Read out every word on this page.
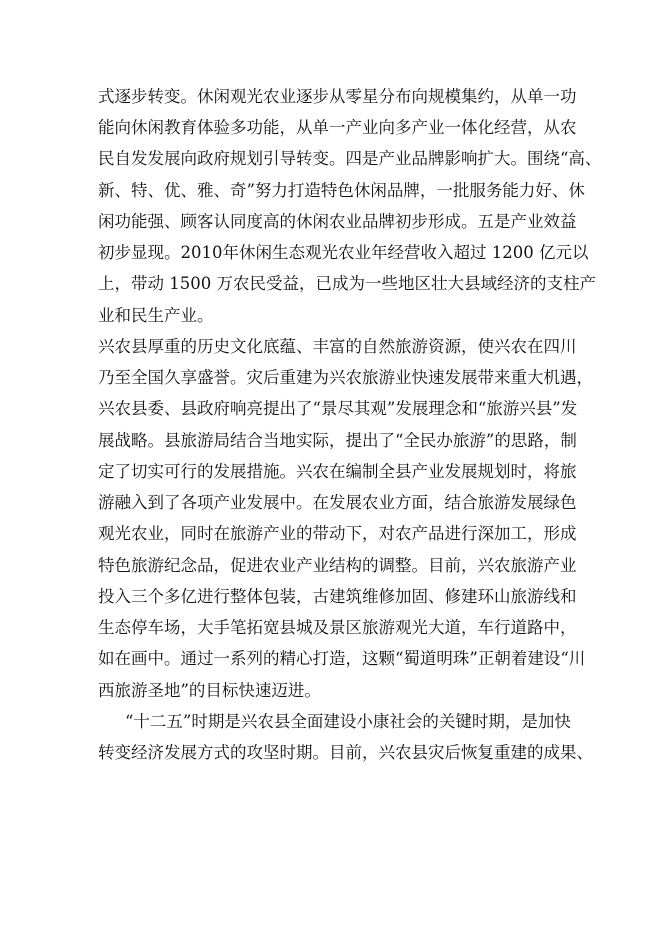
式逐步转变。休闲观光农业逐步从零星分布向规模集约，从单一功
能向休闲教育体验多功能，从单一产业向多产业一体化经营，从农
民自发发展向政府规划引导转变。四是产业品牌影响扩大。围绕“高、
新、特、优、雅、奇”努力打造特色休闲品牌，一批服务能力好、休
闲功能强、顾客认同度高的休闲农业品牌初步形成。五是产业效益
初步显现。2010年休闲生态观光农业年经营收入超过 1200 亿元以
上，带动 1500 万农民受益，已成为一些地区壮大县域经济的支柱产
业和民生产业。
兴农县厚重的历史文化底蕴、丰富的自然旅游资源，使兴农在四川
乃至全国久享盛誉。灾后重建为兴农旅游业快速发展带来重大机遇，
兴农县委、县政府响亮提出了“景尽其观”发展理念和“旅游兴县”发
展战略。县旅游局结合当地实际，提出了“全民办旅游”的思路，制
定了切实可行的发展措施。兴农在编制全县产业发展规划时，将旅
游融入到了各项产业发展中。在发展农业方面，结合旅游发展绿色
观光农业，同时在旅游产业的带动下，对农产品进行深加工，形成
特色旅游纪念品，促进农业产业结构的调整。目前，兴农旅游产业
投入三个多亿进行整体包装，古建筑维修加固、修建环山旅游线和
生态停车场，大手笔拓宽县城及景区旅游观光大道，车行道路中，
如在画中。通过一系列的精心打造，这颗“蜀道明珠”正朝着建设“川
西旅游圣地”的目标快速迈进。
“十二五”时期是兴农县全面建设小康社会的关键时期，是加快
转变经济发展方式的攻坚时期。目前，兴农县灾后恢复重建的成果、
